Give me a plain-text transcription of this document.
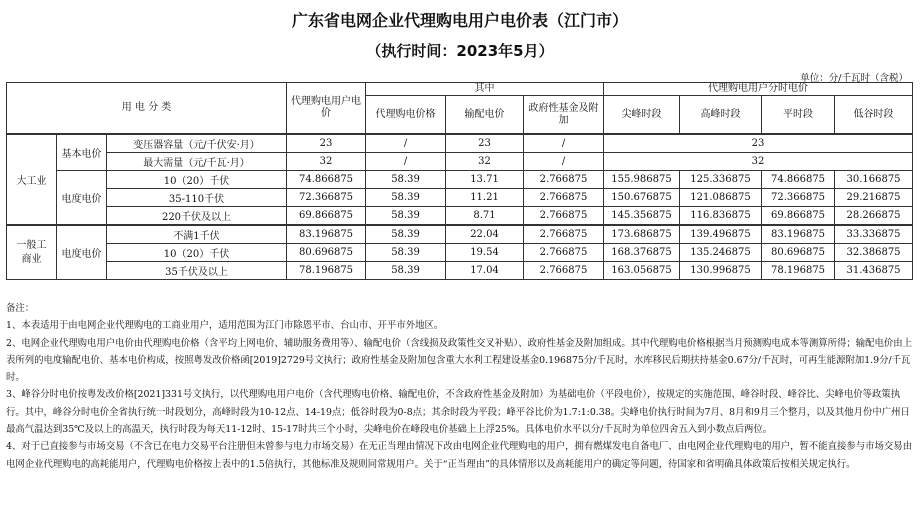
广东省电网企业代理购电用户电价表（江门市）
（执行时间：2023年5月）
单位：分/千瓦时（含税）
用 电 分 类			代理购电用户电价	其中			代理购电用户分时电价			
				代理购电价格	输配电价	政府性基金及附加	尖峰时段	高峰时段	平时段	低谷时段
大工业	基本电价	变压器容量（元/千伏安·月）	23	/	23	/	23			
		最大需量（元/千瓦·月）	32	/	32	/	32			
	电度电价	10（20）千伏	74.866875	58.39	13.71	2.766875	155.986875	125.336875	74.866875	30.166875
		35-110千伏	72.366875	58.39	11.21	2.766875	150.676875	121.086875	72.366875	29.216875
		220千伏及以上	69.866875	58.39	8.71	2.766875	145.356875	116.836875	69.866875	28.266875
一般工商业	电度电价	不满1千伏	83.196875	58.39	22.04	2.766875	173.686875	139.496875	83.196875	33.336875
		10（20）千伏	80.696875	58.39	19.54	2.766875	168.376875	135.246875	80.696875	32.386875
		35千伏及以上	78.196875	58.39	17.04	2.766875	163.056875	130.996875	78.196875	31.436875

备注：

1、本表适用于由电网企业代理购电的工商业用户，适用范围为江门市除恩平市、台山市、开平市外地区。

2、电网企业代理购电用户电价由代理购电价格（含平均上网电价、辅助服务费用等）、输配电价（含线损及政策性交叉补贴）、政府性基金及附加组成。其中代理购电价格根据当月预测购电成本等测算所得；输配电价由上表所列的电度输配电价、基本电价构成，按照粤发改价格函[2019]2729号文执行；政府性基金及附加包含重大水利工程建设基金0.196875分/千瓦时，水库移民后期扶持基金0.67分/千瓦时，可再生能源附加1.9分/千瓦时。

3、峰谷分时电价按粤发改价格[2021]331号文执行，以代理购电用户电价（含代理购电价格、输配电价，不含政府性基金及附加）为基础电价（平段电价），按规定的实施范围、峰谷时段、峰谷比、尖峰电价等政策执行。其中，峰谷分时电价全省执行统一时段划分，高峰时段为10-12点、14-19点；低谷时段为0-8点；其余时段为平段；峰平谷比价为1.7:1:0.38。尖峰电价执行时间为7月、8月和9月三个整月，以及其他月份中广州日最高气温达到35℃及以上的高温天，执行时段为每天11-12时、15-17时共三个小时，尖峰电价在峰段电价基础上上浮25%。具体电价水平以分/千瓦时为单位四舍五入到小数点后两位。

4、对于已直接参与市场交易（不含已在电力交易平台注册但未曾参与电力市场交易）在无正当理由情况下改由电网企业代理购电的用户，拥有燃煤发电自备电厂、由电网企业代理购电的用户，暂不能直接参与市场交易由电网企业代理购电的高耗能用户，代理购电价格按上表中的1.5倍执行，其他标准及规则同常规用户。关于“正当理由”的具体情形以及高耗能用户的确定等问题，待国家和省明确具体政策后按相关规定执行。
